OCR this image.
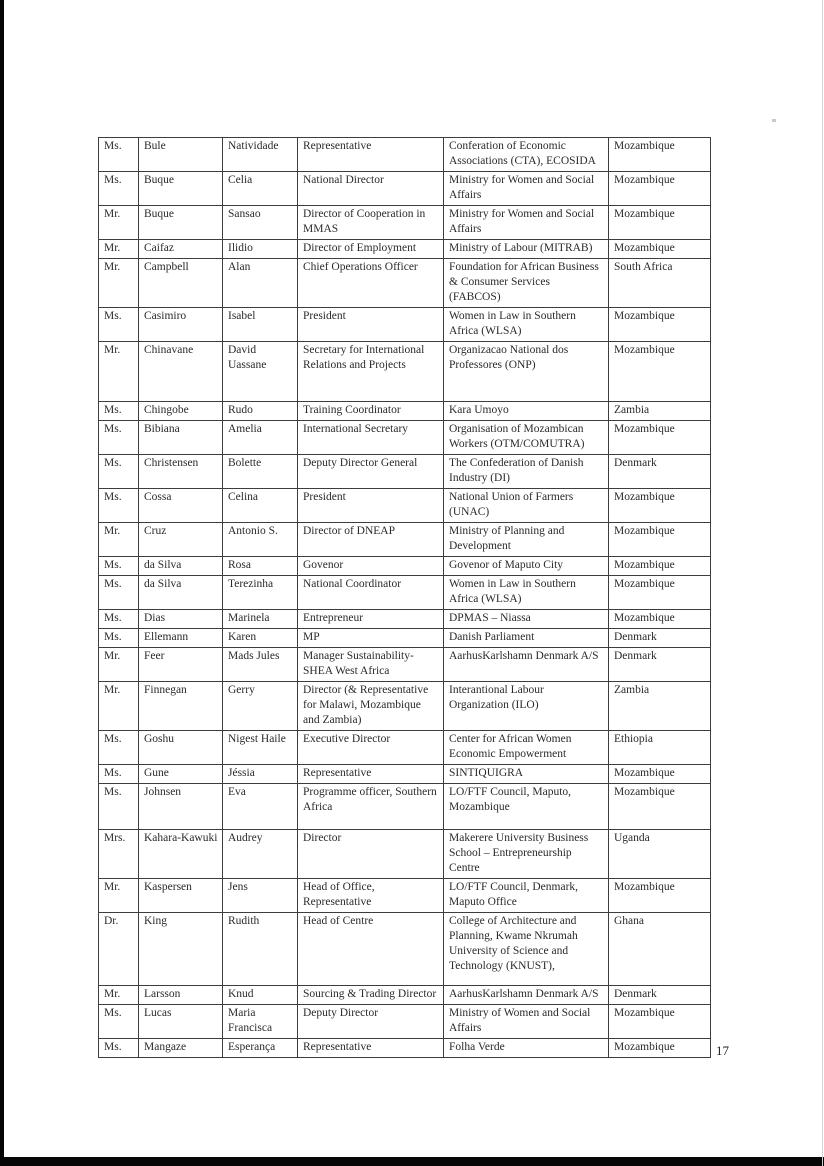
Ms.	Bule	Natividade	Representative	Conferation of Economic Associations (CTA), ECOSIDA	Mozambique
Ms.	Buque	Celia	National Director	Ministry for Women and Social Affairs	Mozambique
Mr.	Buque	Sansao	Director of Cooperation in MMAS	Ministry for Women and Social Affairs	Mozambique
Mr.	Caifaz	Ilidio	Director of Employment	Ministry of Labour (MITRAB)	Mozambique
Mr.	Campbell	Alan	Chief Operations Officer	Foundation for African Business & Consumer Services (FABCOS)	South Africa
Ms.	Casimiro	Isabel	President	Women in Law in Southern Africa (WLSA)	Mozambique
Mr.	Chinavane	David Uassane	Secretary for International Relations and Projects	Organizacao National dos Professores (ONP)	Mozambique
Ms.	Chingobe	Rudo	Training Coordinator	Kara Umoyo	Zambia
Ms.	Bibiana	Amelia	International Secretary	Organisation of Mozambican Workers (OTM/COMUTRA)	Mozambique
Ms.	Christensen	Bolette	Deputy Director General	The Confederation of Danish Industry (DI)	Denmark
Ms.	Cossa	Celina	President	National Union of Farmers (UNAC)	Mozambique
Mr.	Cruz	Antonio S.	Director of DNEAP	Ministry of Planning and Development	Mozambique
Ms.	da Silva	Rosa	Govenor	Govenor of Maputo City	Mozambique
Ms.	da Silva	Terezinha	National Coordinator	Women in Law in Southern Africa (WLSA)	Mozambique
Ms.	Dias	Marinela	Entrepreneur	DPMAS – Niassa	Mozambique
Ms.	Ellemann	Karen	MP	Danish Parliament	Denmark
Mr.	Feer	Mads Jules	Manager Sustainability-SHEA West Africa	AarhusKarlshamn Denmark A/S	Denmark
Mr.	Finnegan	Gerry	Director (& Representative for Malawi, Mozambique and Zambia)	Interantional Labour Organization (ILO)	Zambia
Ms.	Goshu	Nigest Haile	Executive Director	Center for African Women Economic Empowerment	Ethiopia
Ms.	Gune	Jéssia	Representative	SINTIQUIGRA	Mozambique
Ms.	Johnsen	Eva	Programme officer, Southern Africa	LO/FTF Council, Maputo, Mozambique	Mozambique
Mrs.	Kahara-Kawuki	Audrey	Director	Makerere University Business School – Entrepreneurship Centre	Uganda
Mr.	Kaspersen	Jens	Head of Office, Representative	LO/FTF Council, Denmark, Maputo Office	Mozambique
Dr.	King	Rudith	Head of Centre	College of Architecture and Planning, Kwame Nkrumah University of Science and Technology (KNUST),	Ghana
Mr.	Larsson	Knud	Sourcing & Trading Director	AarhusKarlshamn Denmark A/S	Denmark
Ms.	Lucas	Maria Francisca	Deputy Director	Ministry of Women and Social Affairs	Mozambique
Ms.	Mangaze	Esperança	Representative	Folha Verde	Mozambique	17
